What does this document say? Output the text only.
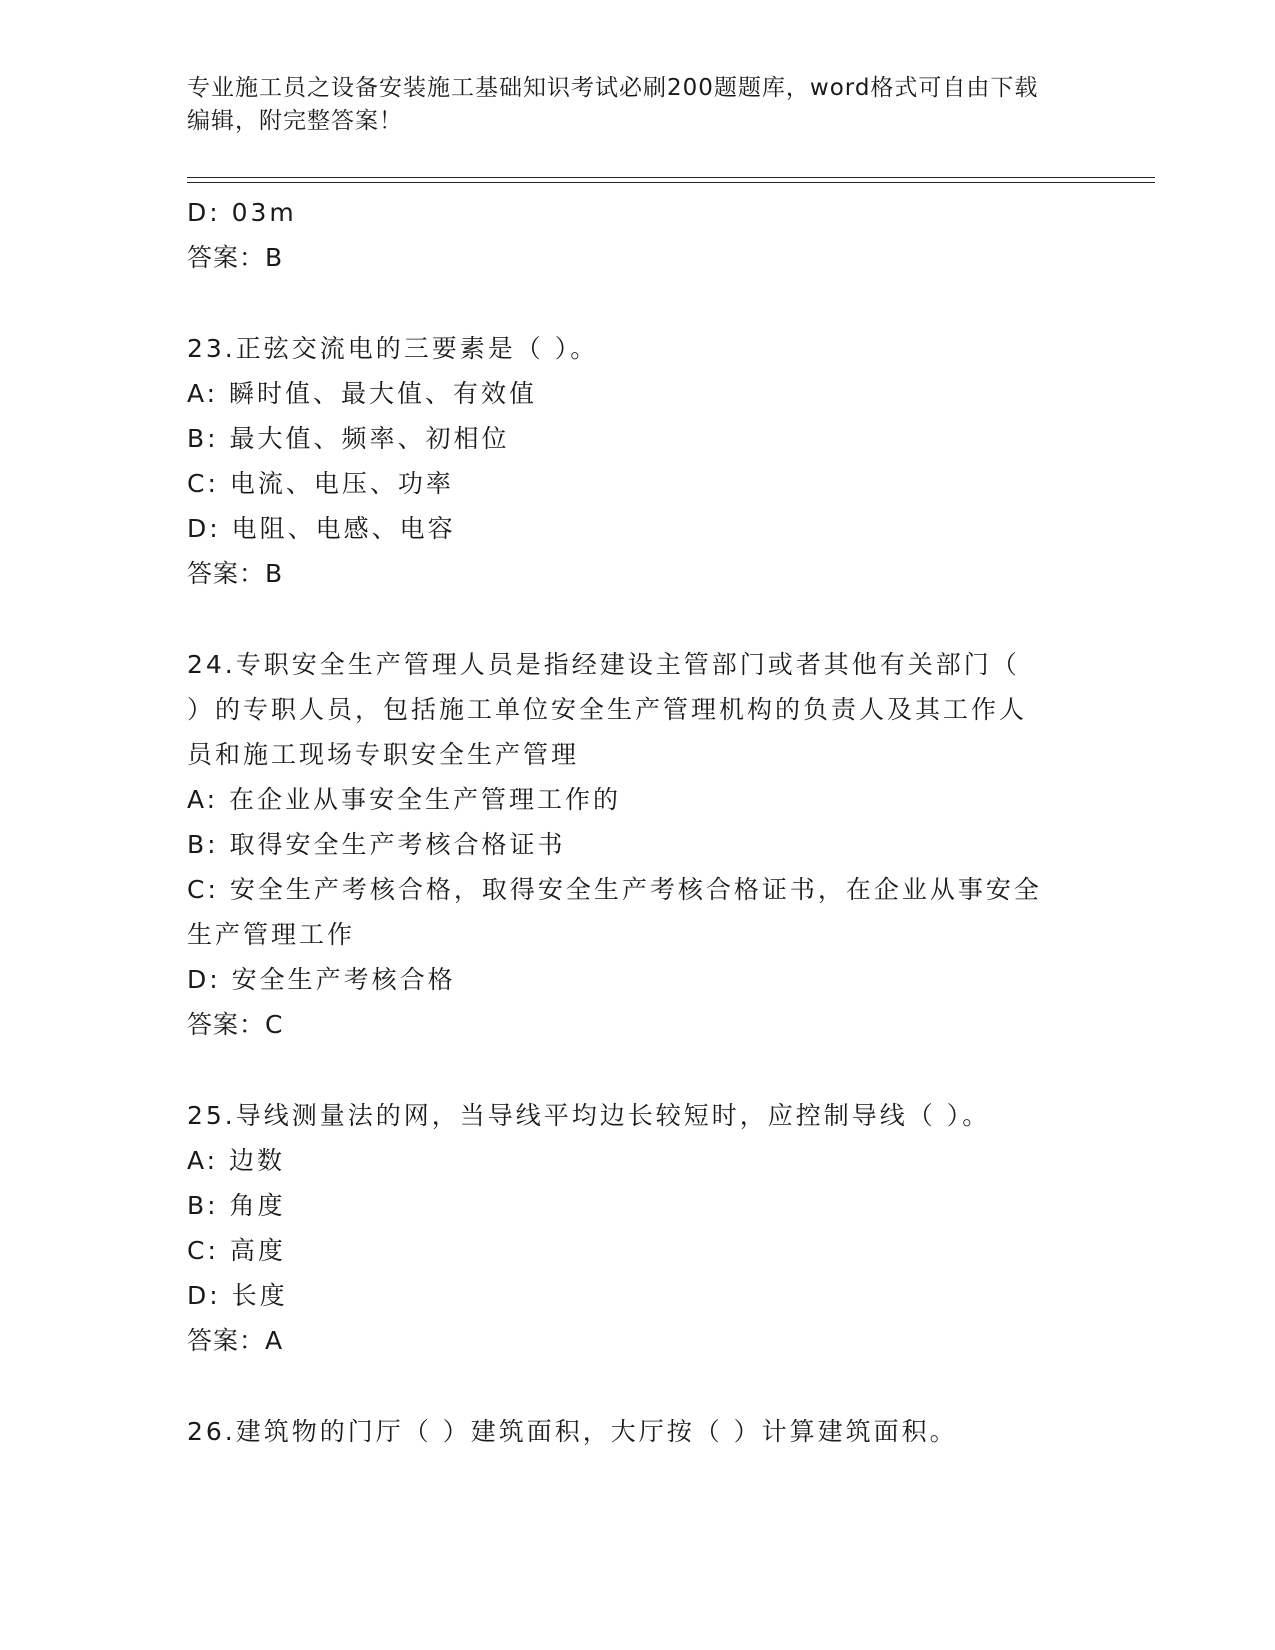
专业施工员之设备安装施工基础知识考试必刷200题题库，word格式可自由下载
编辑，附完整答案！
D: 03m
答案：B
23.正弦交流电的三要素是（ ）。
A: 瞬时值、最大值、有效值
B: 最大值、频率、初相位
C: 电流、电压、功率
D: 电阻、电感、电容
答案：B
24.专职安全生产管理人员是指经建设主管部门或者其他有关部门（
）的专职人员，包括施工单位安全生产管理机构的负责人及其工作人
员和施工现场专职安全生产管理
A: 在企业从事安全生产管理工作的
B: 取得安全生产考核合格证书
C: 安全生产考核合格，取得安全生产考核合格证书，在企业从事安全
生产管理工作
D: 安全生产考核合格
答案：C
25.导线测量法的网，当导线平均边长较短时，应控制导线（ ）。
A: 边数
B: 角度
C: 高度
D: 长度
答案：A
26.建筑物的门厅（ ）建筑面积，大厅按（ ）计算建筑面积。
